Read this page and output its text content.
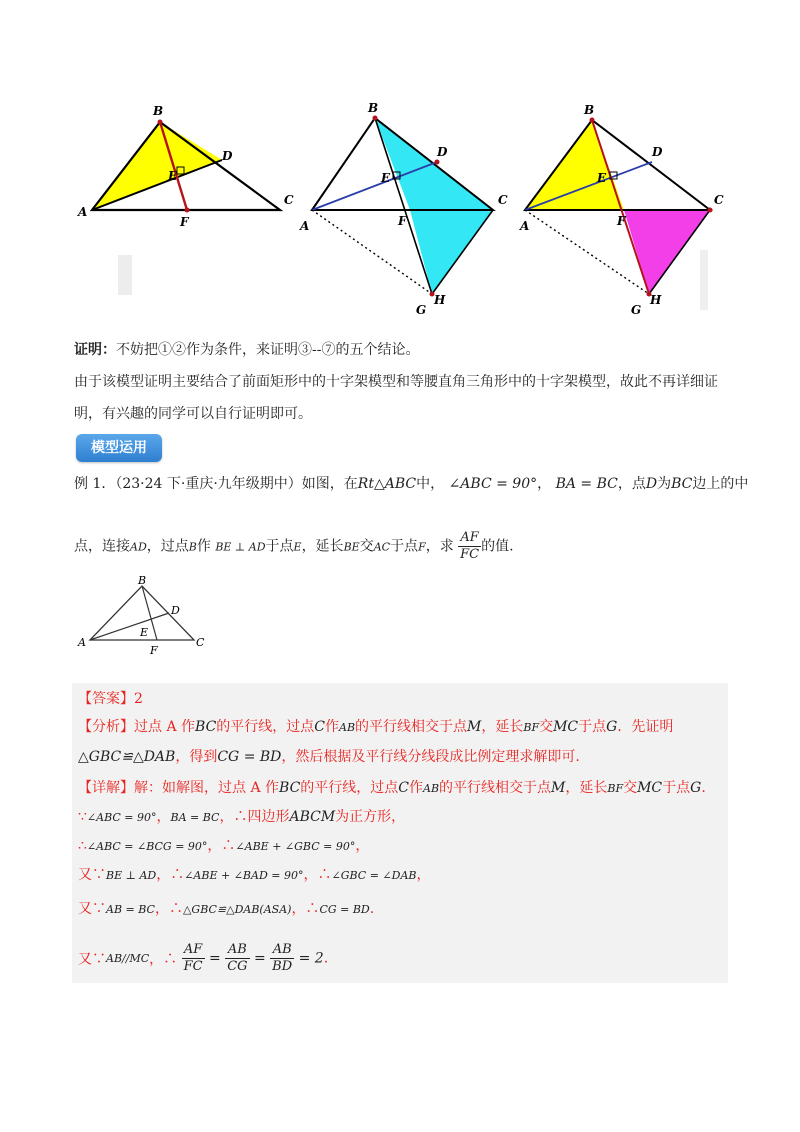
B
D
E
A
F
C
B
D
E
A	F
C
G
H
B
D
E
A	F
C
G
H
证明：不妨把①②作为条件，来证明③--⑦的五个结论。
由于该模型证明主要结合了前面矩形中的十字架模型和等腰直角三角形中的十字架模型，故此不再详细证
明，有兴趣的同学可以自行证明即可。
模型运用
例 1．（23·24 下·重庆·九年级期中）如图，在Rt△ABC中， ∠ABC = 90°， BA = BC，点D为BC边上的中
点，连接AD，过点B作 BE ⊥ AD于点E，延长BE交AC于点F，求 $\frac{AF}{FC}$ 的值.
B
D
E
A
F
C
【答案】2
【分析】过点 A 作BC的平行线，过点C作AB的平行线相交于点M，延长BF交MC于点G．先证明
△GBC≌△DAB，得到CG = BD，然后根据及平行线分线段成比例定理求解即可.
【详解】解：如解图，过点 A 作BC的平行线，过点C作AB的平行线相交于点M，延长BF交MC于点G.
∵∠ABC = 90°，BA = BC，∴四边形ABCM为正方形，
∴∠ABC = ∠BCG = 90°，∴∠ABE + ∠GBC = 90°，
又∵BE ⊥ AD，∴∠ABE + ∠BAD = 90°，∴∠GBC = ∠DAB，
又∵AB = BC，∴△GBC≌△DAB(ASA)，∴CG = BD.
又∵AB//MC，∴ $\frac{AF}{FC} = \frac{AB}{CG} = \frac{AB}{BD} = 2$.
